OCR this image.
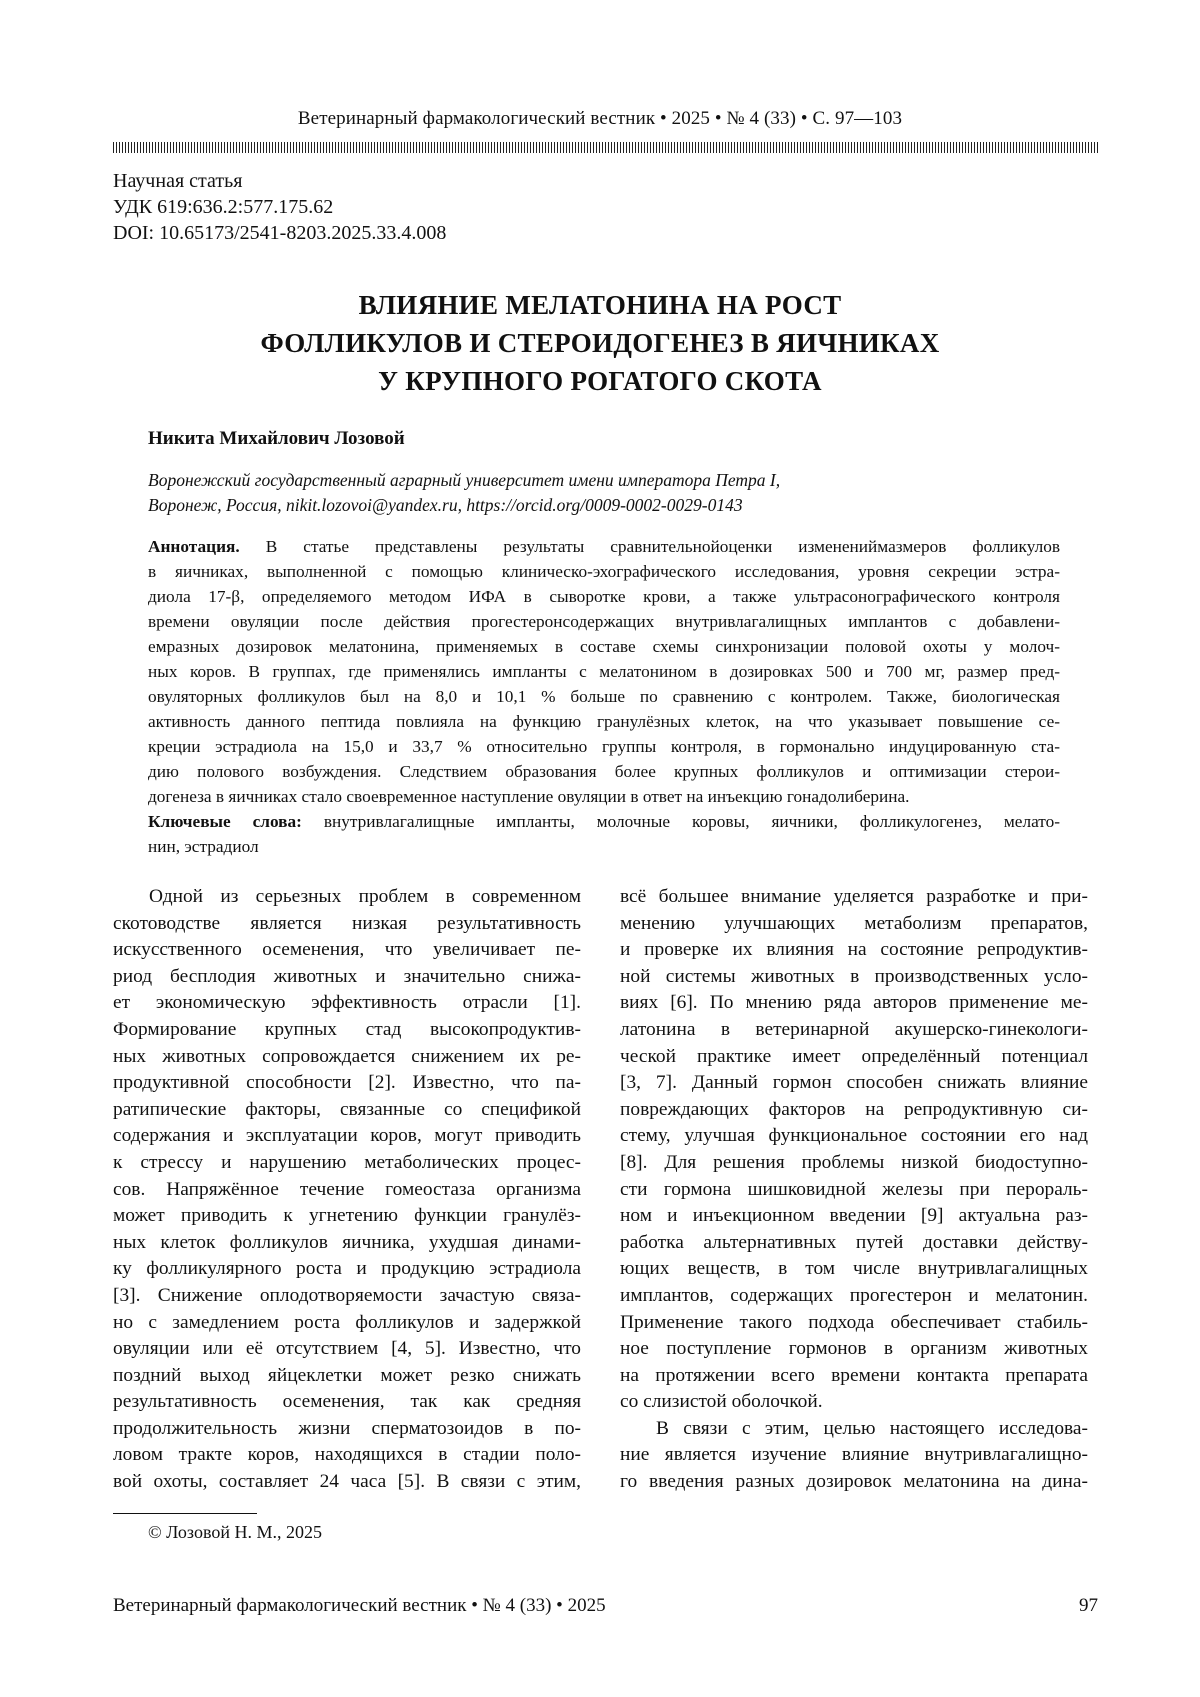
Ветеринарный фармакологический вестник • 2025 • № 4 (33) • С. 97—103
Научная статья
УДК 619:636.2:577.175.62
DOI: 10.65173/2541-8203.2025.33.4.008
ВЛИЯНИЕ МЕЛАТОНИНА НА РОСТ
ФОЛЛИКУЛОВ И СТЕРОИДОГЕНЕЗ В ЯИЧНИКАХ
У КРУПНОГО РОГАТОГО СКОТА
Никита Михайлович Лозовой
Воронежский государственный аграрный университет имени императора Петра I,
Воронеж, Россия, nikit.lozovoi@yandex.ru, https://orcid.org/0009-0002-0029-0143
Аннотация. В статье представлены результаты сравнительнойоценки изменениймазмеров фолликулов
в яичниках, выполненной с помощью клиническо-эхографического исследования, уровня секреции эстра-
диола 17-β, определяемого методом ИФА в сыворотке крови, а также ультрасонографического контроля
времени овуляции после действия прогестеронсодержащих внутривлагалищных имплантов с добавлени-
емразных дозировок мелатонина, применяемых в составе схемы синхронизации половой охоты у молоч-
ных коров. В группах, где применялись импланты с мелатонином в дозировках 500 и 700 мг, размер пред-
овуляторных фолликулов был на 8,0 и 10,1 % больше по сравнению с контролем. Также, биологическая
активность данного пептида повлияла на функцию гранулёзных клеток, на что указывает повышение се-
креции эстрадиола на 15,0 и 33,7 % относительно группы контроля, в гормонально индуцированную ста-
дию полового возбуждения. Следствием образования более крупных фолликулов и оптимизации стерои-
догенеза в яичниках стало своевременное наступление овуляции в ответ на инъекцию гонадолиберина.
Ключевые слова: внутривлагалищные импланты, молочные коровы, яичники, фолликулогенез, мелато-
нин, эстрадиол
Одной из серьезных проблем в современном
скотоводстве является низкая результативность
искусственного осеменения, что увеличивает пе-
риод бесплодия животных и значительно снижа-
ет экономическую эффективность отрасли [1].
Формирование крупных стад высокопродуктив-
ных животных сопровождается снижением их ре-
продуктивной способности [2]. Известно, что па-
ратипические факторы, связанные со спецификой
содержания и эксплуатации коров, могут приводить
к стрессу и нарушению метаболических процес-
сов. Напряжённое течение гомеостаза организма
может приводить к угнетению функции гранулёз-
ных клеток фолликулов яичника, ухудшая динами-
ку фолликулярного роста и продукцию эстрадиола
[3]. Снижение оплодотворяемости зачастую связа-
но с замедлением роста фолликулов и задержкой
овуляции или её отсутствием [4, 5]. Известно, что
поздний выход яйцеклетки может резко снижать
результативность осеменения, так как средняя
продолжительность жизни сперматозоидов в по-
ловом тракте коров, находящихся в стадии поло-
вой охоты, составляет 24 часа [5]. В связи с этим,
всё большее внимание уделяется разработке и при-
менению улучшающих метаболизм препаратов,
и проверке их влияния на состояние репродуктив-
ной системы животных в производственных усло-
виях [6]. По мнению ряда авторов применение ме-
латонина в ветеринарной акушерско-гинекологи-
ческой практике имеет определённый потенциал
[3, 7]. Данный гормон способен снижать влияние
повреждающих факторов на репродуктивную си-
стему, улучшая функциональное состоянии его над
[8]. Для решения проблемы низкой биодоступно-
сти гормона шишковидной железы при перораль-
ном и инъекционном введении [9] актуальна раз-
работка альтернативных путей доставки действу-
ющих веществ, в том числе внутривлагалищных
имплантов, содержащих прогестерон и мелатонин.
Применение такого подхода обеспечивает стабиль-
ное поступление гормонов в организм животных
на протяжении всего времени контакта препарата
со слизистой оболочкой.
В связи с этим, целью настоящего исследова-
ние является изучение влияние внутривлагалищно-
го введения разных дозировок мелатонина на дина-
© Лозовой Н. М., 2025
Ветеринарный фармакологический вестник • № 4 (33) • 2025	97
